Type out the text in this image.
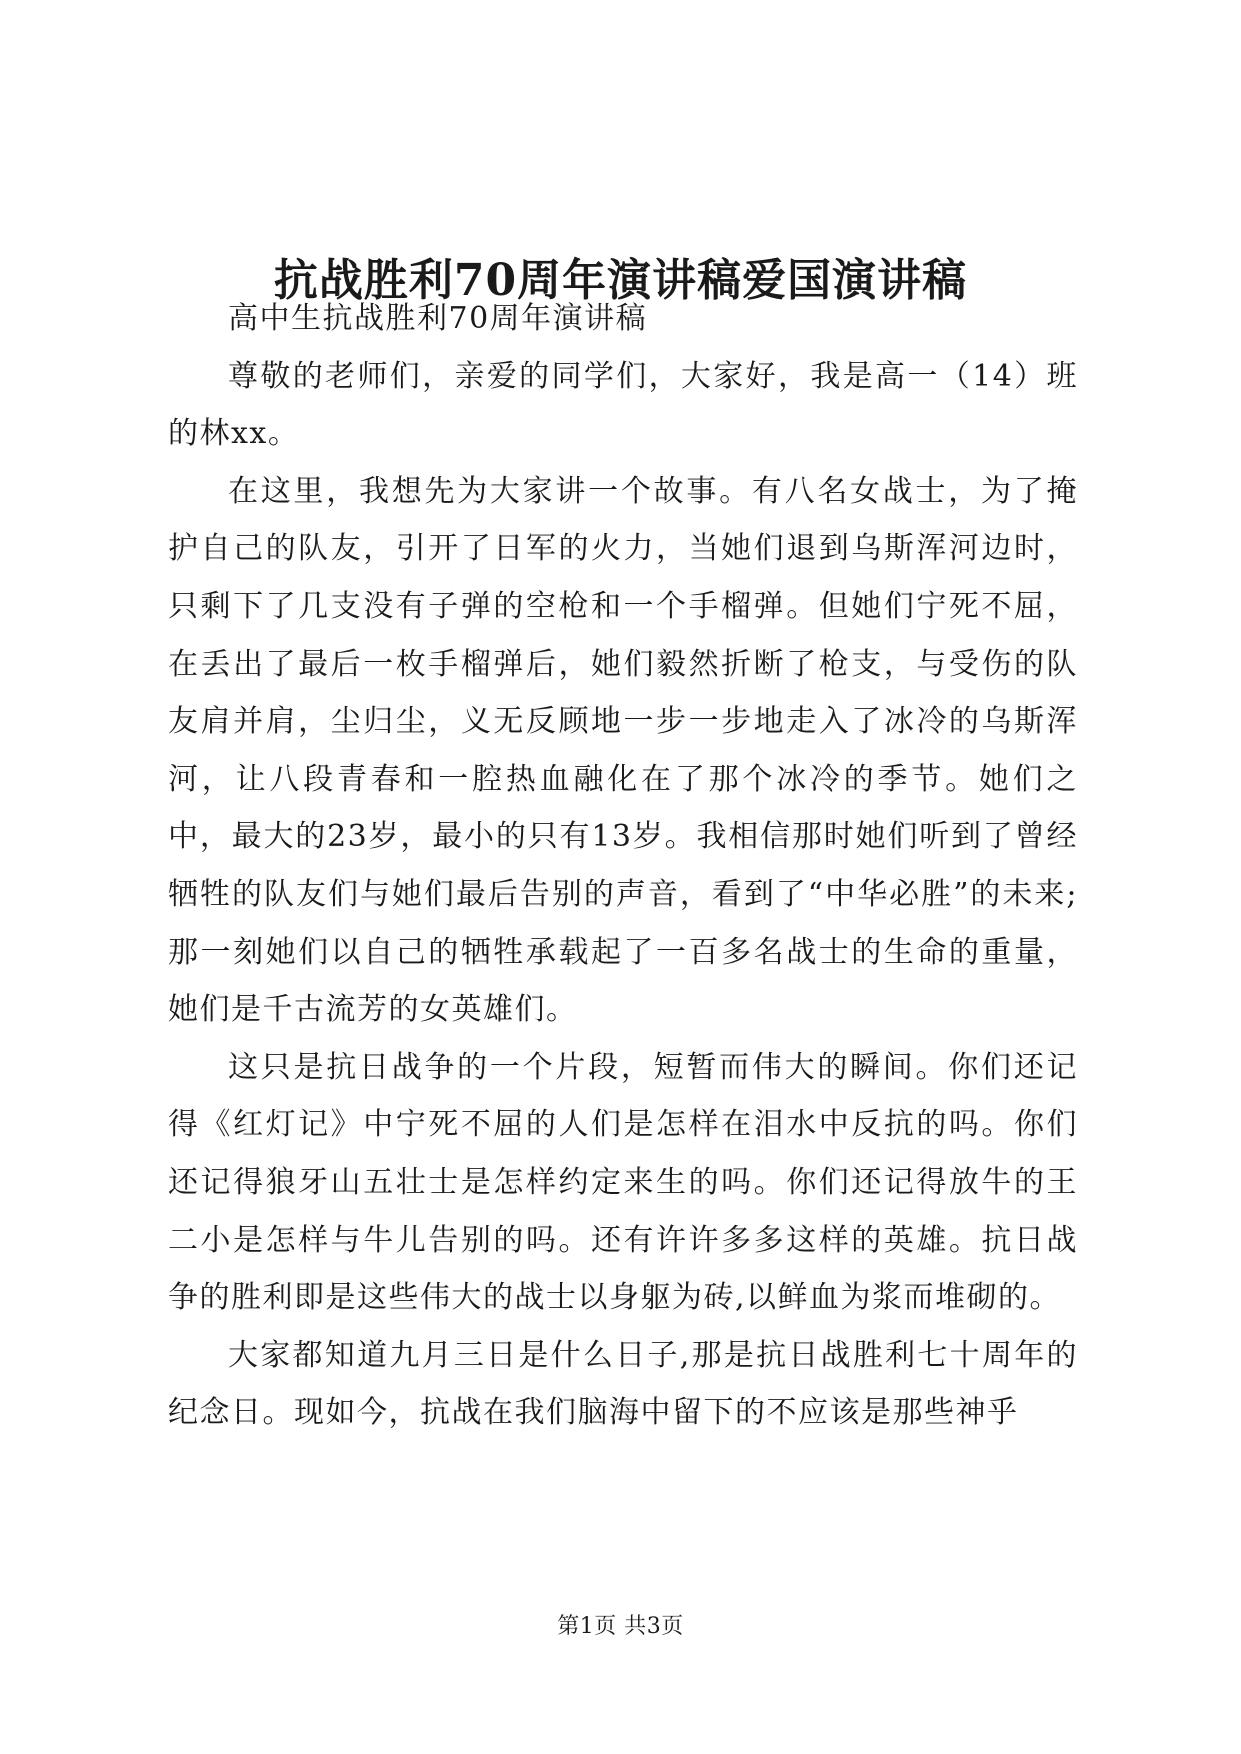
抗战胜利70周年演讲稿爱国演讲稿

高中生抗战胜利70周年演讲稿

尊敬的老师们，亲爱的同学们，大家好，我是高一（14）班的林xx。

在这里，我想先为大家讲一个故事。有八名女战士，为了掩护自己的队友，引开了日军的火力，当她们退到乌斯浑河边时，只剩下了几支没有子弹的空枪和一个手榴弹。但她们宁死不屈，在丢出了最后一枚手榴弹后，她们毅然折断了枪支，与受伤的队友肩并肩，尘归尘，义无反顾地一步一步地走入了冰冷的乌斯浑河，让八段青春和一腔热血融化在了那个冰冷的季节。她们之中，最大的23岁，最小的只有13岁。我相信那时她们听到了曾经牺牲的队友们与她们最后告别的声音，看到了“中华必胜”的未来;那一刻她们以自己的牺牲承载起了一百多名战士的生命的重量，她们是千古流芳的女英雄们。

这只是抗日战争的一个片段，短暂而伟大的瞬间。你们还记得《红灯记》中宁死不屈的人们是怎样在泪水中反抗的吗。你们还记得狼牙山五壮士是怎样约定来生的吗。你们还记得放牛的王二小是怎样与牛儿告别的吗。还有许许多多这样的英雄。抗日战争的胜利即是这些伟大的战士以身躯为砖,以鲜血为浆而堆砌的。

大家都知道九月三日是什么日子,那是抗日战胜利七十周年的纪念日。现如今，抗战在我们脑海中留下的不应该是那些神乎

第1页 共3页
